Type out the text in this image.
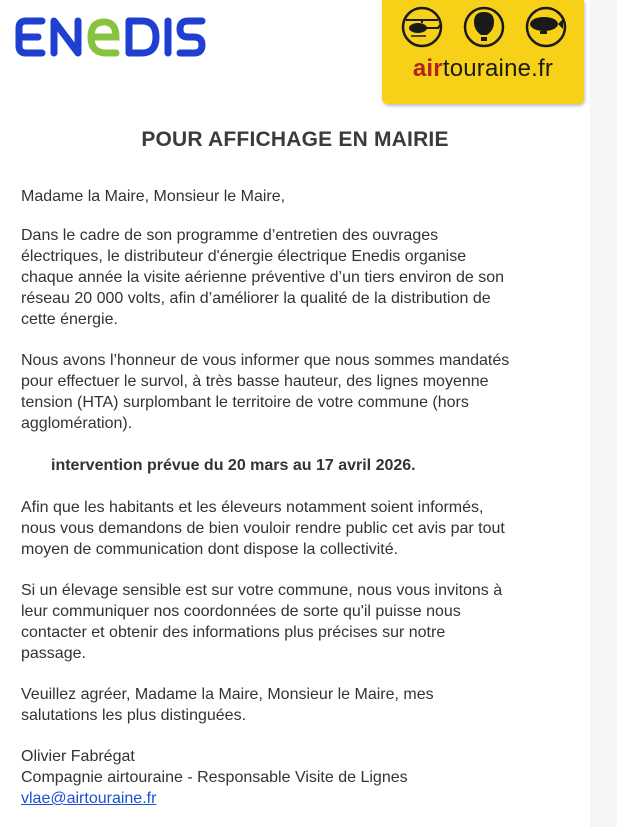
airtouraine.fr
POUR AFFICHAGE EN MAIRIE
Madame la Maire, Monsieur le Maire,
Dans le cadre de son programme d’entretien des ouvrages
électriques, le distributeur d'énergie électrique Enedis organise
chaque année la visite aérienne préventive d’un tiers environ de son
réseau 20 000 volts, afin d’améliorer la qualité de la distribution de
cette énergie.
Nous avons l’honneur de vous informer que nous sommes mandatés
pour effectuer le survol, à très basse hauteur, des lignes moyenne
tension (HTA) surplombant le territoire de votre commune (hors
agglomération).
intervention prévue du 20 mars au 17 avril 2026.
Afin que les habitants et les éleveurs notamment soient informés,
nous vous demandons de bien vouloir rendre public cet avis par tout
moyen de communication dont dispose la collectivité.
Si un élevage sensible est sur votre commune, nous vous invitons à
leur communiquer nos coordonnées de sorte qu'il puisse nous
contacter et obtenir des informations plus précises sur notre
passage.
Veuillez agréer, Madame la Maire, Monsieur le Maire, mes
salutations les plus distinguées.
Olivier Fabrégat
Compagnie airtouraine - Responsable Visite de Lignes
vlae@airtouraine.fr
